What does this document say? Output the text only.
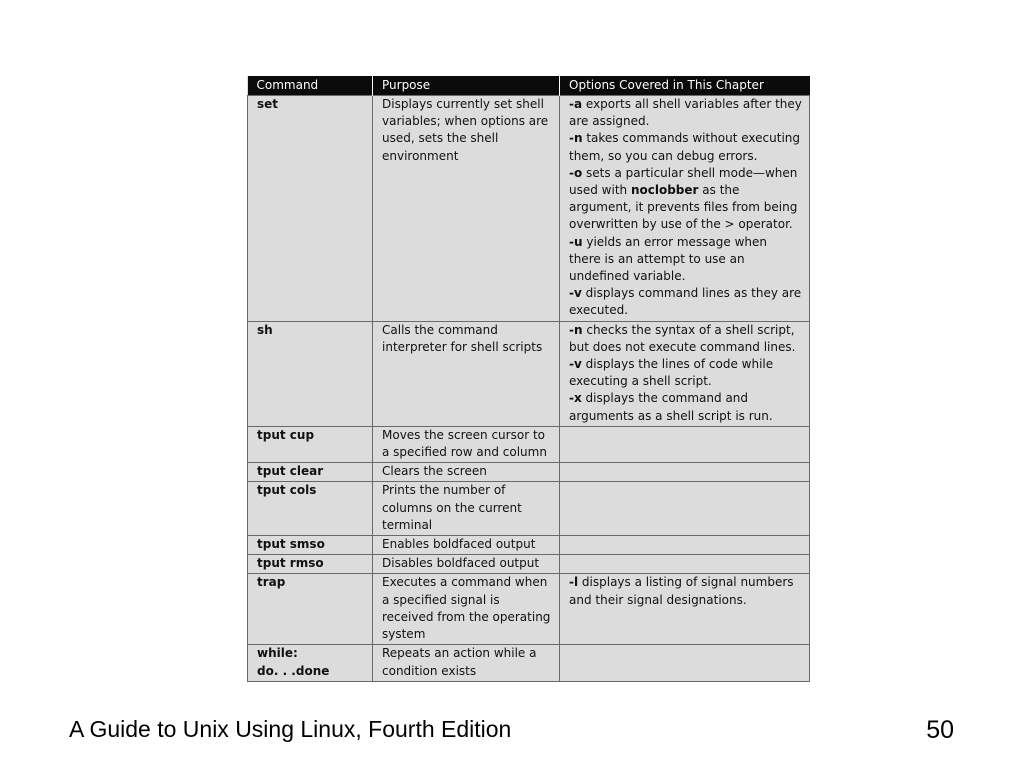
Command	Purpose	Options Covered in This Chapter
set	Displays currently set shell variables; when options are used, sets the shell environment	-a exports all shell variables after they are assigned.
-n takes commands without executing them, so you can debug errors.
-o sets a particular shell mode—when used with noclobber as the argument, it prevents files from being overwritten by use of the > operator.
-u yields an error message when there is an attempt to use an undefined variable.
-v displays command lines as they are executed.

sh	Calls the command interpreter for shell scripts	-n checks the syntax of a shell script, but does not execute command lines.
-v displays the lines of code while executing a shell script.
-x displays the command and arguments as a shell script is run.

tput cup	Moves the screen cursor to a specified row and column	
tput clear	Clears the screen	
tput cols	Prints the number of columns on the current terminal	
tput smso	Enables boldfaced output	
tput rmso	Disables boldfaced output	
trap	Executes a command when a specified signal is received from the operating system	-l displays a listing of signal numbers and their signal designations.

while:
do. . .done	Repeats an action while a condition exists	
A Guide to Unix Using Linux, Fourth Edition	50
